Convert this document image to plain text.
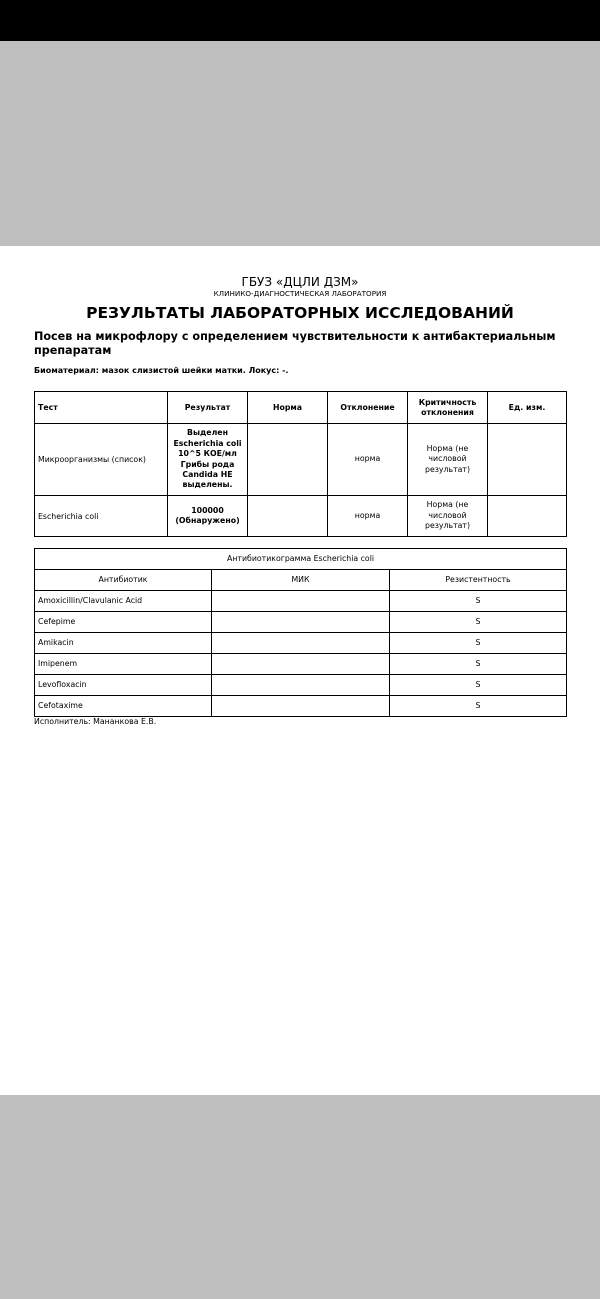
ГБУЗ «ДЦЛИ ДЗМ»
КЛИНИКО-ДИАГНОСТИЧЕСКАЯ ЛАБОРАТОРИЯ
РЕЗУЛЬТАТЫ ЛАБОРАТОРНЫХ ИССЛЕДОВАНИЙ
Посев на микрофлору с определением чувствительности к антибактериальным препаратам
Биоматериал: мазок слизистой шейки матки. Локус: -.
Тест	Результат	Норма	Отклонение	Критичность отклонения	Ед. изм.
Микроорганизмы (список)	Выделен Escherichia coli 10^5 КОЕ/мл Грибы рода Candida НЕ выделены.		норма	Норма (не числовой результат)	
Escherichia coli	100000 (Обнаружено)		норма	Норма (не числовой результат)	
Антибиотикограмма Escherichia coli		
Антибиотик	МИК	Резистентность
Amoxicillin/Clavulanic Acid		S
Cefepime		S
Amikacin		S
Imipenem		S
Levofloxacin		S
Cefotaxime		S
Исполнитель: Мананкова Е.В.
